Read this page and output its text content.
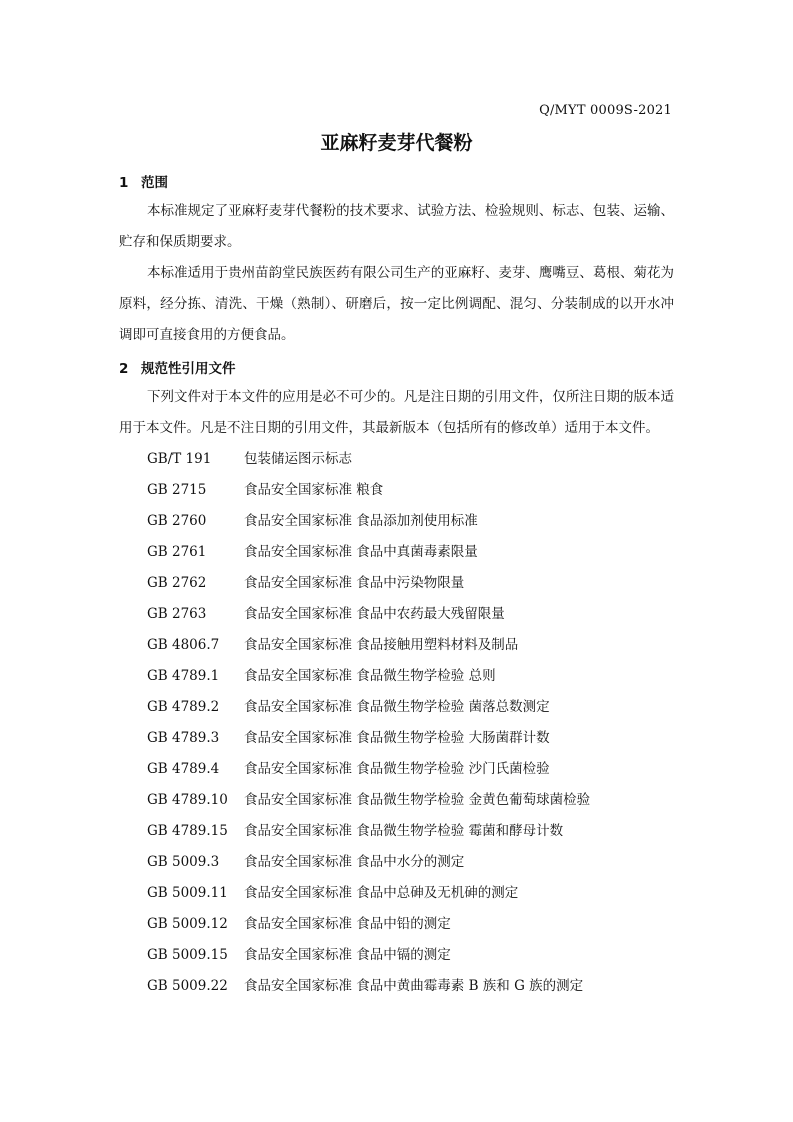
Q/MYT 0009S-2021
亚麻籽麦芽代餐粉
1 范围
本标准规定了亚麻籽麦芽代餐粉的技术要求、试验方法、检验规则、标志、包装、运输、贮存和保质期要求。
本标准适用于贵州苗韵堂民族医药有限公司生产的亚麻籽、麦芽、鹰嘴豆、葛根、菊花为原料，经分拣、清洗、干燥（熟制）、研磨后，按一定比例调配、混匀、分装制成的以开水冲调即可直接食用的方便食品。
2 规范性引用文件
下列文件对于本文件的应用是必不可少的。凡是注日期的引用文件，仅所注日期的版本适用于本文件。凡是不注日期的引用文件，其最新版本（包括所有的修改单）适用于本文件。
GB/T 191 包装储运图示标志
GB 2715	食品安全国家标准 粮食
GB 2760	食品安全国家标准 食品添加剂使用标准
GB 2761	食品安全国家标准 食品中真菌毒素限量
GB 2762	食品安全国家标准 食品中污染物限量
GB 2763	食品安全国家标准 食品中农药最大残留限量
GB 4806.7 食品安全国家标准 食品接触用塑料材料及制品
GB 4789.1 食品安全国家标准 食品微生物学检验 总则
GB 4789.2 食品安全国家标准 食品微生物学检验 菌落总数测定
GB 4789.3 食品安全国家标准 食品微生物学检验 大肠菌群计数
GB 4789.4 食品安全国家标准 食品微生物学检验 沙门氏菌检验
GB 4789.10 食品安全国家标准 食品微生物学检验 金黄色葡萄球菌检验
GB 4789.15 食品安全国家标准 食品微生物学检验 霉菌和酵母计数
GB 5009.3 食品安全国家标准 食品中水分的测定
GB 5009.11 食品安全国家标准 食品中总砷及无机砷的测定
GB 5009.12 食品安全国家标准 食品中铅的测定
GB 5009.15 食品安全国家标准 食品中镉的测定
GB 5009.22 食品安全国家标准 食品中黄曲霉毒素 B 族和 G 族的测定
